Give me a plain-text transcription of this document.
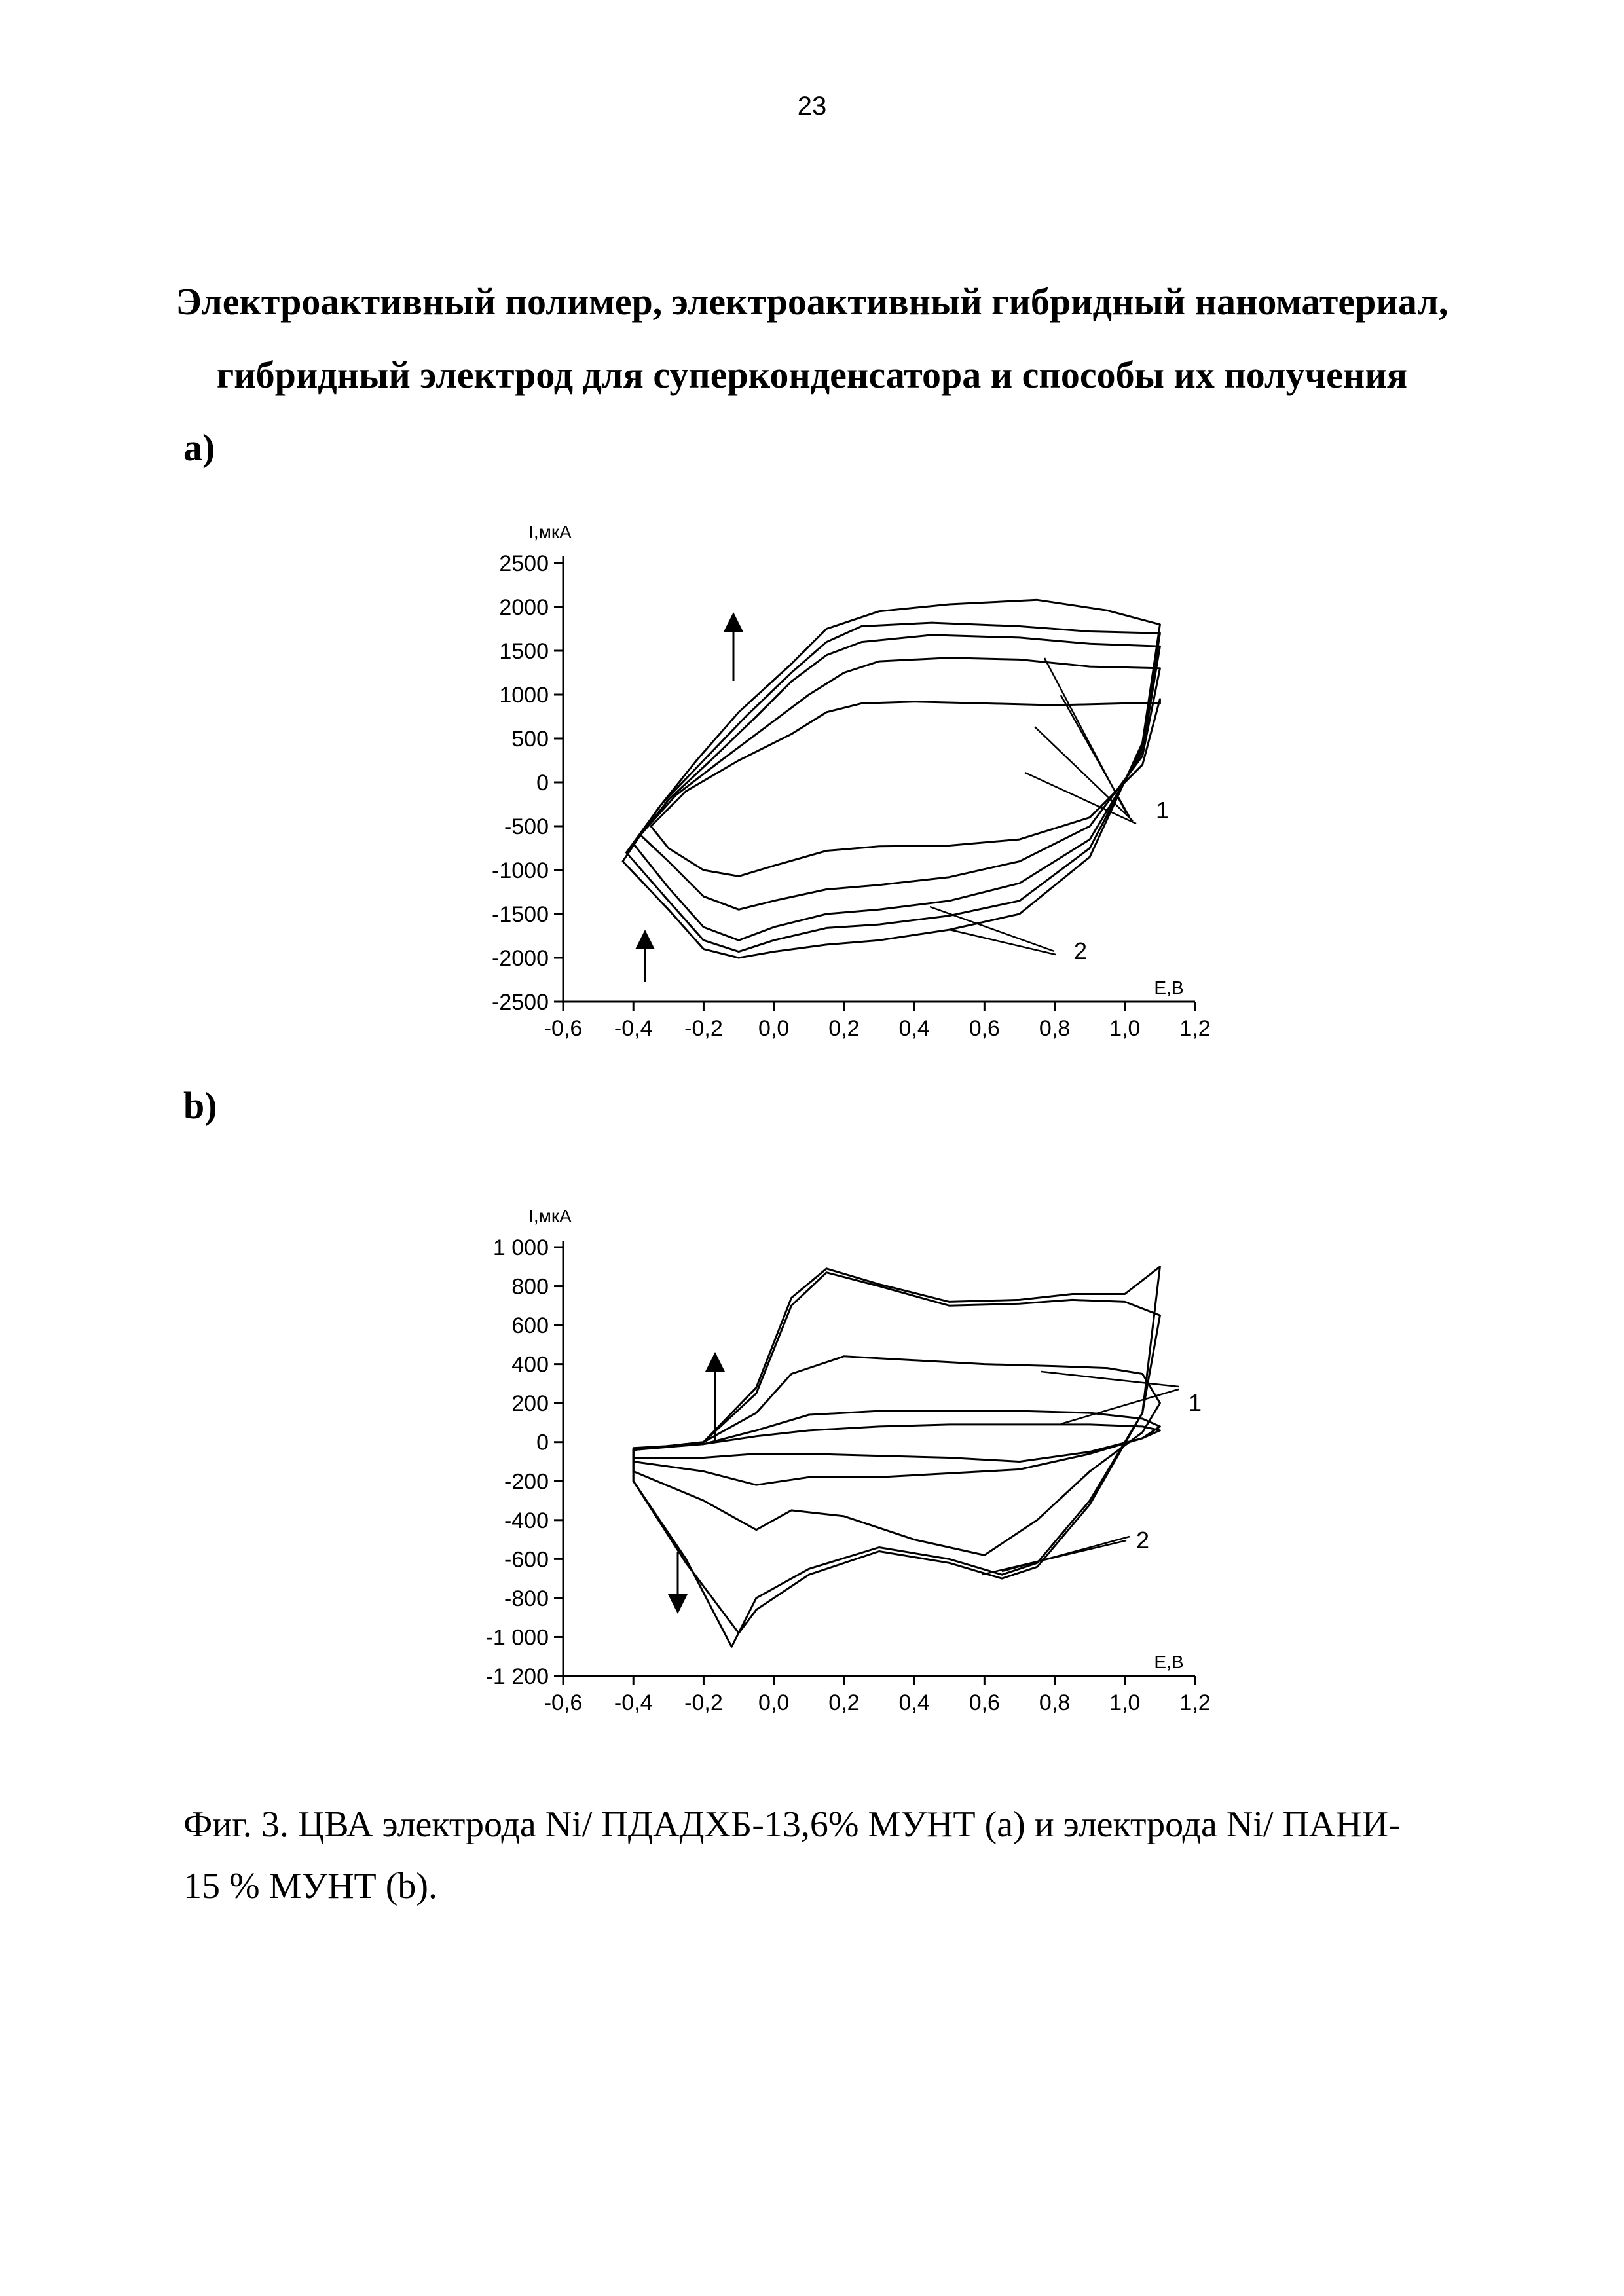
23
Электроактивный полимер, электроактивный гибридный наноматериал,
гибридный электрод для суперконденсатора и способы их получения
a)
2500
2000
1500
1000
500
0
-500
-1000
-1500
-2000
-2500
-0,6 -0,4 -0,2 0,0 0,2 0,4 0,6 0,8 1,0 1,2
I,мкА
E,B
1
2
b)
1 000
800
600
400
200
0
-200
-400
-600
-800
-1 000
-1 200
-0,6 -0,4 -0,2 0,0 0,2 0,4 0,6 0,8 1,0 1,2
I,мкА
E,B
1
2
Фиг. 3. ЦВА электрода Ni/ ПДАДХБ-13,6% МУНТ (a) и электрода Ni/ ПАНИ-
15 % МУНТ (b).
